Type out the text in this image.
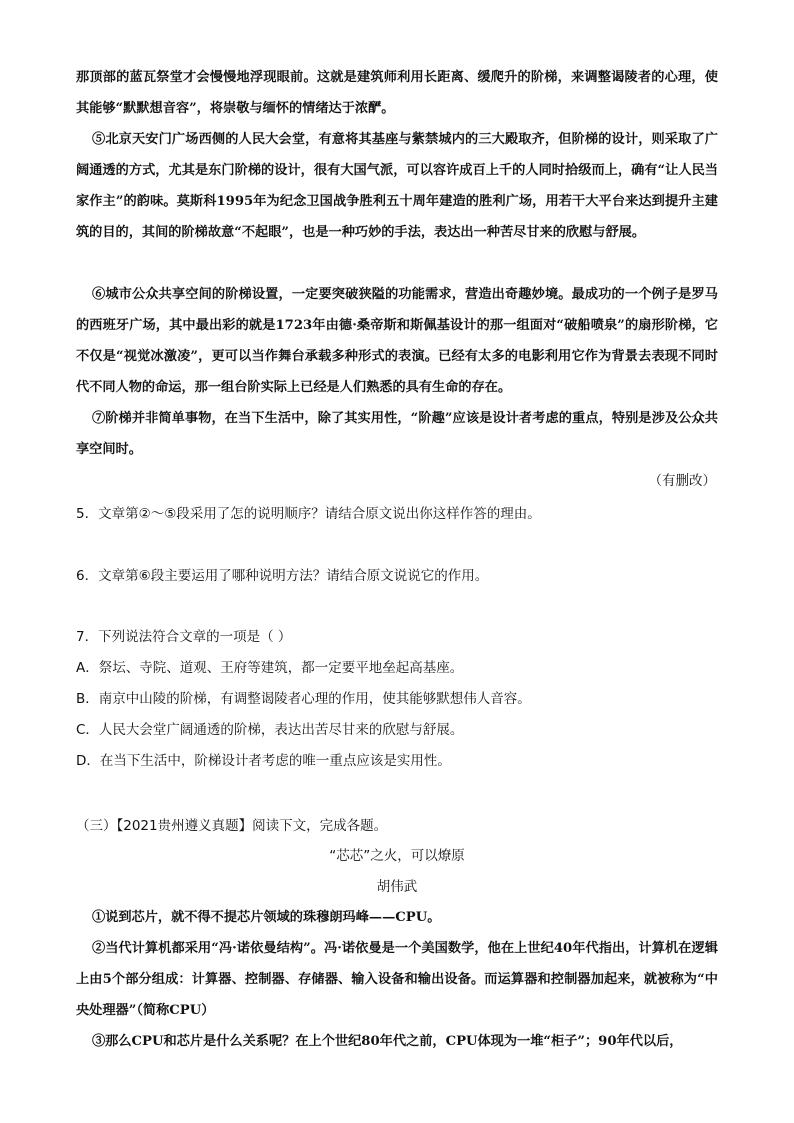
那顶部的蓝瓦祭堂才会慢慢地浮现眼前。这就是建筑师利用长距离、缓爬升的阶梯，来调整谒陵者的心理，使其能够“默默想音容”，将崇敬与缅怀的情绪达于浓酽。

⑤北京天安门广场西侧的人民大会堂，有意将其基座与紫禁城内的三大殿取齐，但阶梯的设计，则采取了广阔通透的方式，尤其是东门阶梯的设计，很有大国气派，可以容许成百上千的人同时拾级而上，确有“让人民当家作主”的韵味。莫斯科1995年为纪念卫国战争胜利五十周年建造的胜利广场，用若干大平台来达到提升主建筑的目的，其间的阶梯故意“不起眼”，也是一种巧妙的手法，表达出一种苦尽甘来的欣慰与舒展。

⑥城市公众共享空间的阶梯设置，一定要突破狭隘的功能需求，营造出奇趣妙境。最成功的一个例子是罗马的西班牙广场，其中最出彩的就是1723年由德·桑帝斯和斯佩基设计的那一组面对“破船喷泉”的扇形阶梯，它不仅是“视觉冰激凌”，更可以当作舞台承载多种形式的表演。已经有太多的电影利用它作为背景去表现不同时代不同人物的命运，那一组台阶实际上已经是人们熟悉的具有生命的存在。

⑦阶梯并非简单事物，在当下生活中，除了其实用性，“阶趣”应该是设计者考虑的重点，特别是涉及公众共享空间时。

（有删改）

5．文章第②～⑤段采用了怎的说明顺序？请结合原文说出你这样作答的理由。

6．文章第⑥段主要运用了哪种说明方法？请结合原文说说它的作用。

7．下列说法符合文章的一项是（ ）

A．祭坛、寺院、道观、王府等建筑，都一定要平地垒起高基座。

B．南京中山陵的阶梯，有调整谒陵者心理的作用，使其能够默想伟人音容。

C．人民大会堂广阔通透的阶梯，表达出苦尽甘来的欣慰与舒展。

D．在当下生活中，阶梯设计者考虑的唯一重点应该是实用性。

（三）【2021贵州遵义真题】阅读下文，完成各题。

“芯芯”之火，可以燎原

胡伟武

①说到芯片，就不得不提芯片领域的珠穆朗玛峰——CPU。

②当代计算机都采用“冯·诺依曼结构”。冯·诺依曼是一个美国数学，他在上世纪40年代指出，计算机在逻辑上由5个部分组成：计算器、控制器、存储器、输入设备和输出设备。而运算器和控制器加起来，就被称为“中央处理器”（简称CPU）

③那么CPU和芯片是什么关系呢？在上个世纪80年代之前，CPU体现为一堆“柜子”；90年代以后，
